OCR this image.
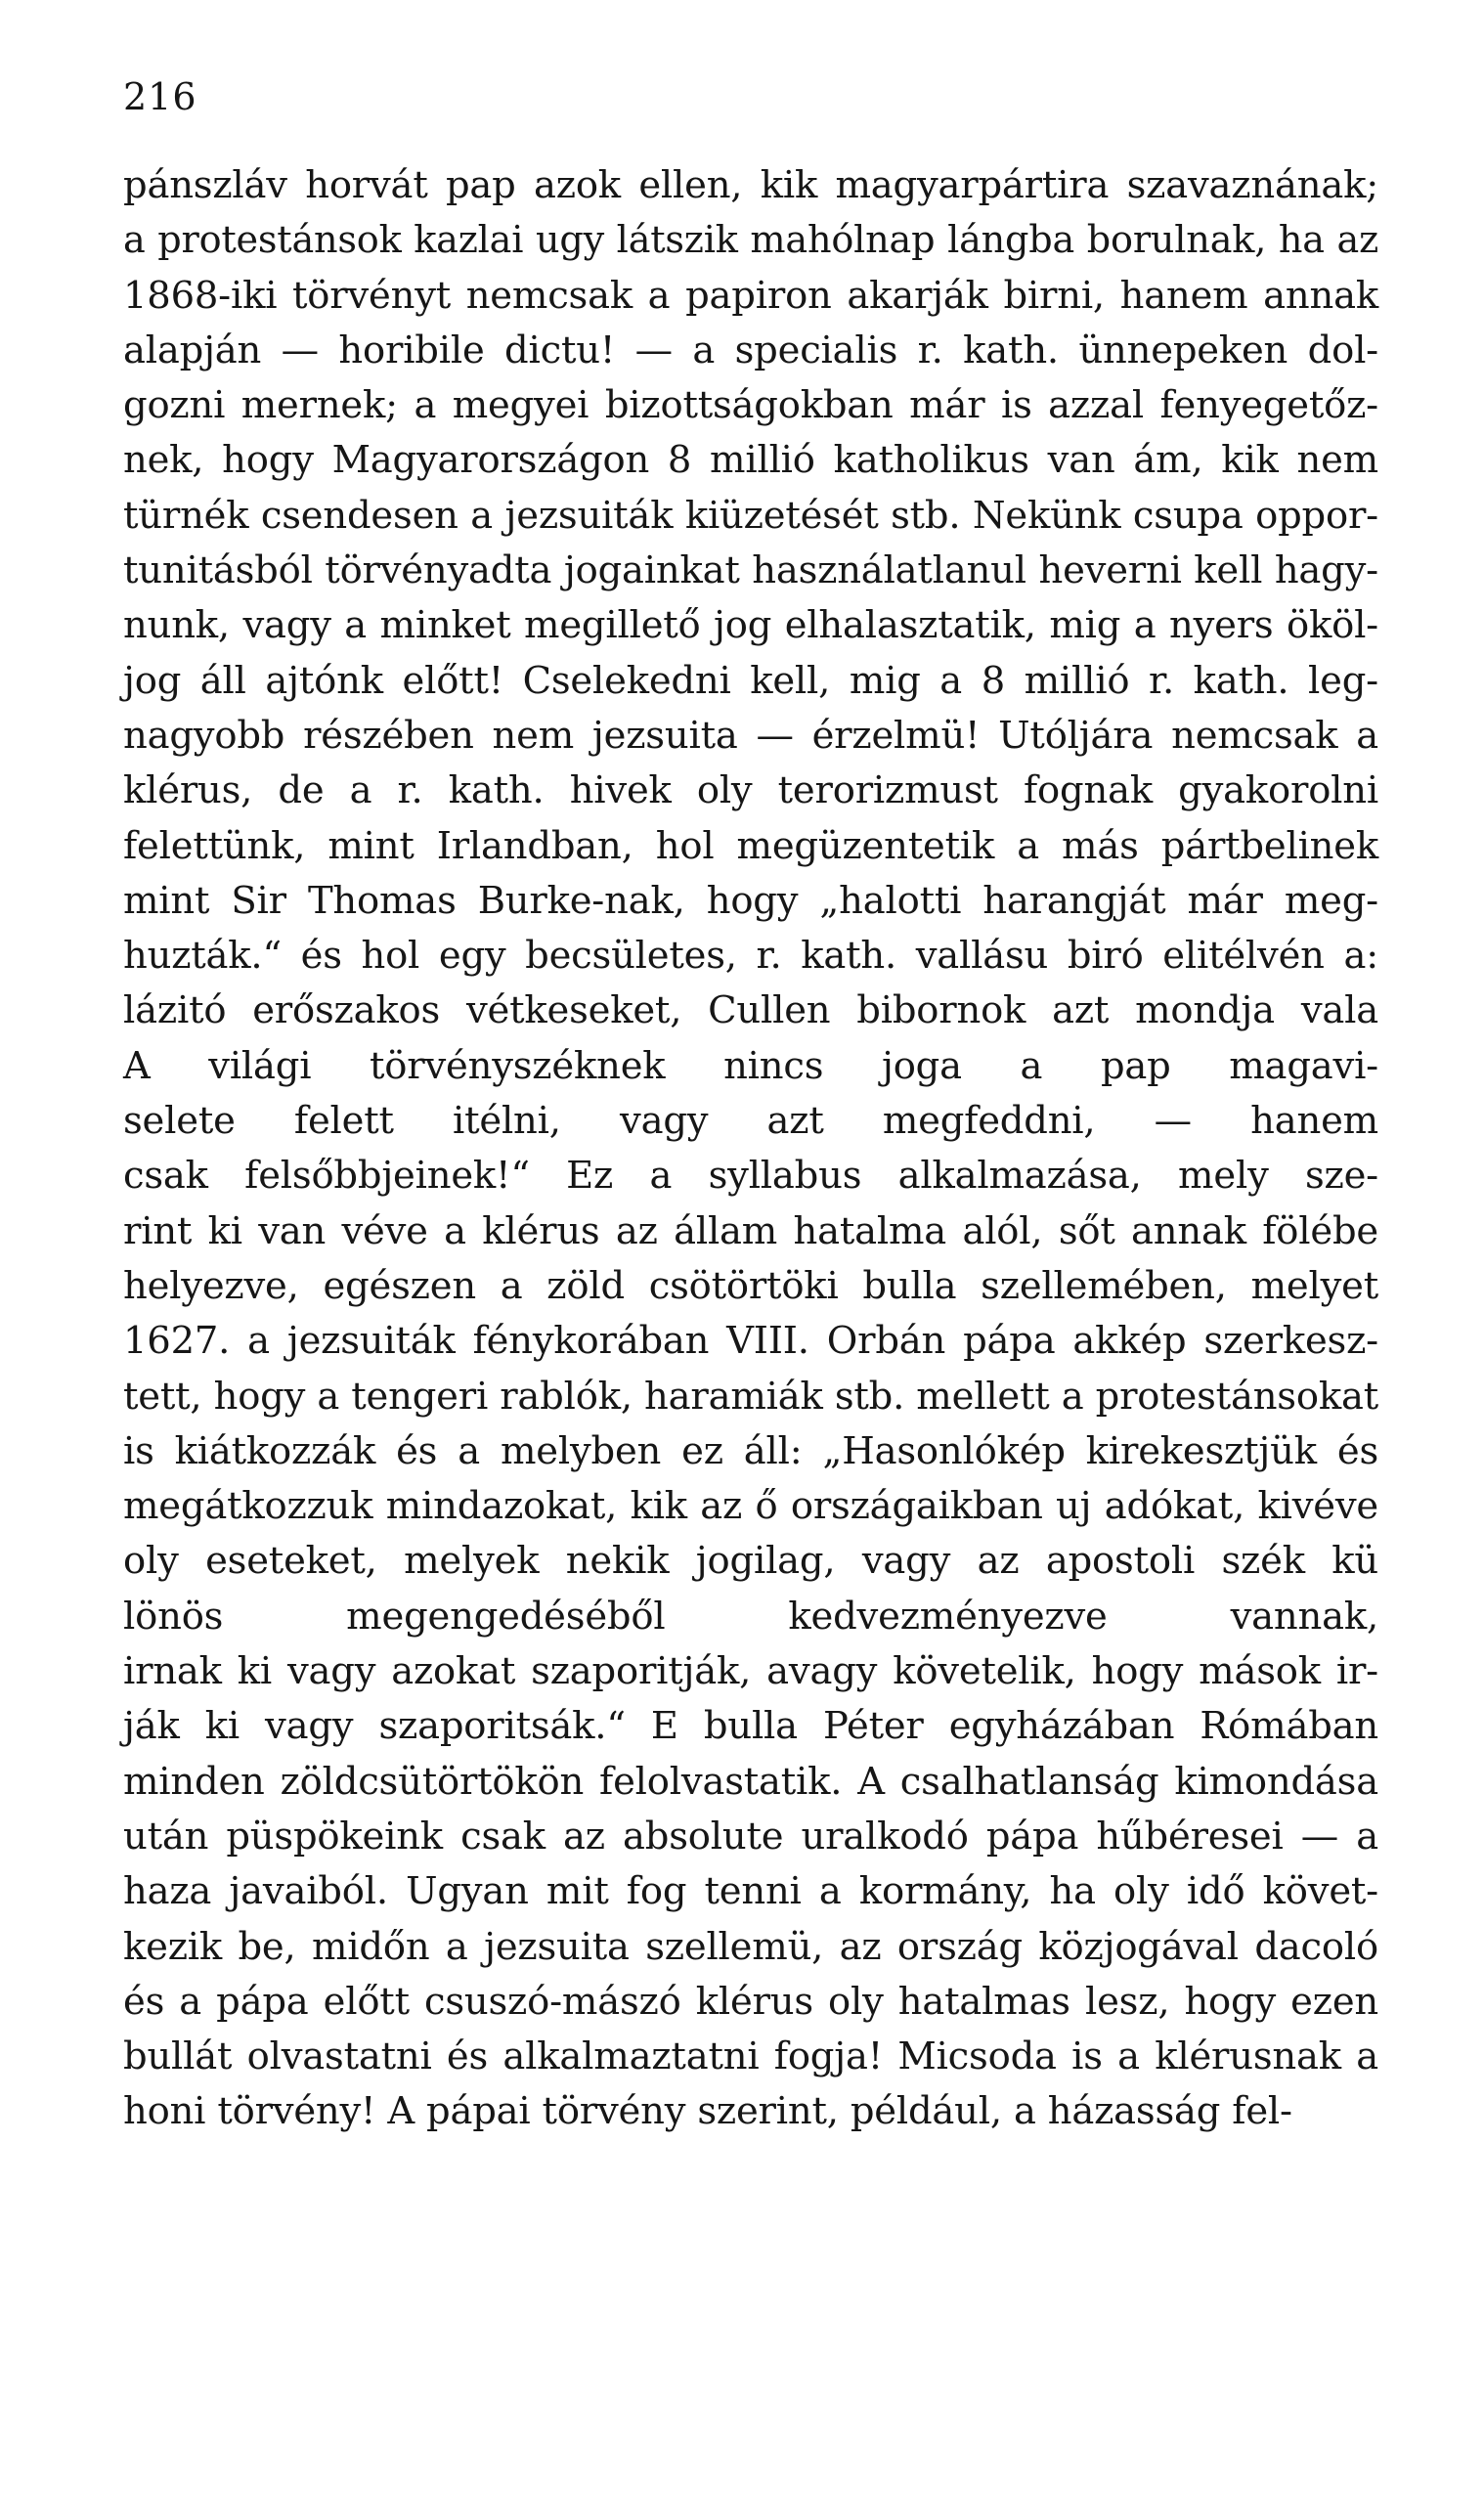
216
pánszláv horvát pap azok ellen, kik magyarpártira szavaznának;
a protestánsok kazlai ugy látszik mahólnap lángba borulnak, ha az
1868-iki törvényt nemcsak a papiron akarják birni, hanem annak
alapján — horibile dictu! — a specialis r. kath. ünnepeken dol-
gozni mernek; a megyei bizottságokban már is azzal fenyegetőz-
nek, hogy Magyarországon 8 millió katholikus van ám, kik nem
türnék csendesen a jezsuiták kiüzetését stb. Nekünk csupa oppor-
tunitásból törvényadta jogainkat használatlanul heverni kell hagy-
nunk, vagy a minket megillető jog elhalasztatik, mig a nyers ököl-
jog áll ajtónk előtt! Cselekedni kell, mig a 8 millió r. kath. leg-
nagyobb részében nem jezsuita — érzelmü! Utóljára nemcsak a
klérus, de a r. kath. hivek oly terorizmust fognak gyakorolni
felettünk, mint Irlandban, hol megüzentetik a más pártbelinek
mint Sir Thomas Burke-nak, hogy „halotti harangját már meg-
huzták.“ és hol egy becsületes, r. kath. vallásu biró elitélvén a:
lázitó erőszakos vétkeseket, Cullen bibornok azt mondja vala
A világi törvényszéknek nincs joga a pap magavi-
selete felett itélni, vagy azt megfeddni, — hanem
csak felsőbbjeinek!“ Ez a syllabus alkalmazása, mely sze-
rint ki van véve a klérus az állam hatalma alól, sőt annak fölébe
helyezve, egészen a zöld csötörtöki bulla szellemében, melyet
1627. a jezsuiták fénykorában VIII. Orbán pápa akkép szerkesz-
tett, hogy a tengeri rablók, haramiák stb. mellett a protestánsokat
is kiátkozzák és a melyben ez áll: „Hasonlókép kirekesztjük és
megátkozzuk mindazokat, kik az ő országaikban uj adókat, kivéve
oly eseteket, melyek nekik jogilag, vagy az apostoli szék kü
lönös megengedéséből kedvezményezve vannak,
irnak ki vagy azokat szaporitják, avagy követelik, hogy mások ir-
ják ki vagy szaporitsák.“ E bulla Péter egyházában Rómában
minden zöldcsütörtökön felolvastatik. A csalhatlanság kimondása
után püspökeink csak az absolute uralkodó pápa hűbéresei — a
haza javaiból. Ugyan mit fog tenni a kormány, ha oly idő követ-
kezik be, midőn a jezsuita szellemü, az ország közjogával dacoló
és a pápa előtt csuszó-mászó klérus oly hatalmas lesz, hogy ezen
bullát olvastatni és alkalmaztatni fogja! Micsoda is a klérusnak a
honi törvény! A pápai törvény szerint, például, a házasság fel-
